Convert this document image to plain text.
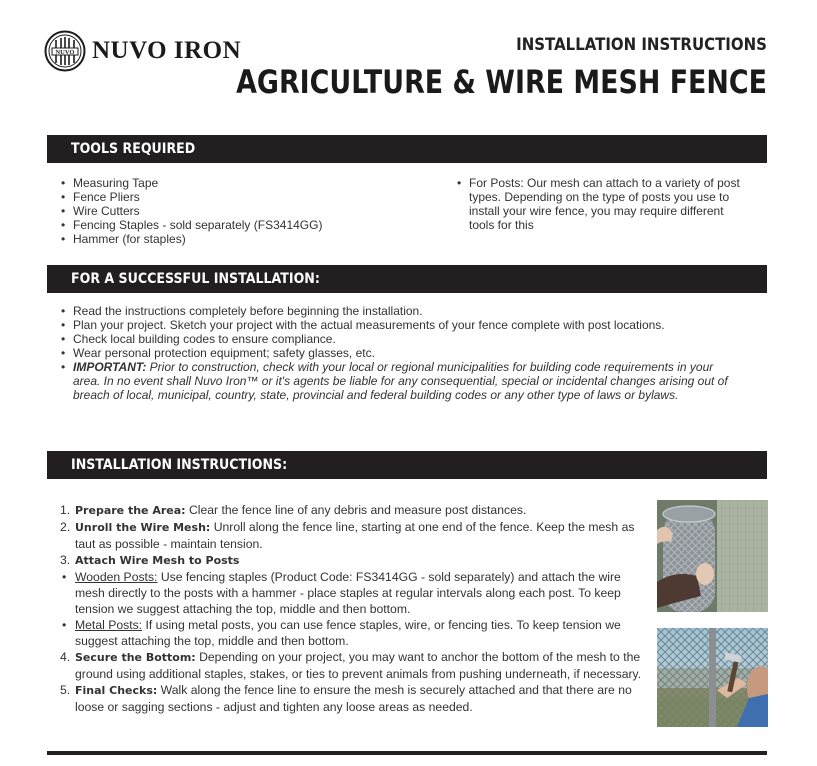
NUVO NUVO IRON	INSTALLATION INSTRUCTIONS
AGRICULTURE & WIRE MESH FENCE
TOOLS REQUIRED
• Measuring Tape
• Fence Pliers
• Wire Cutters
• Fencing Staples - sold separately (FS3414GG)
• Hammer (for staples)
• For Posts: Our mesh can attach to a variety of post types. Depending on the type of posts you use to install your wire fence, you may require different tools for this
FOR A SUCCESSFUL INSTALLATION:
• Read the instructions completely before beginning the installation.
• Plan your project. Sketch your project with the actual measurements of your fence complete with post locations.
• Check local building codes to ensure compliance.
• Wear personal protection equipment; safety glasses, etc.
• IMPORTANT: Prior to construction, check with your local or regional municipalities for building code requirements in your area. In no event shall Nuvo Iron™ or it's agents be liable for any consequential, special or incidental changes arising out of breach of local, municipal, country, state, provincial and federal building codes or any other type of laws or bylaws.
INSTALLATION INSTRUCTIONS:
1. Prepare the Area: Clear the fence line of any debris and measure post distances.
2. Unroll the Wire Mesh: Unroll along the fence line, starting at one end of the fence. Keep the mesh as taut as possible - maintain tension.
3. Attach Wire Mesh to Posts
• Wooden Posts: Use fencing staples (Product Code: FS3414GG - sold separately) and attach the wire mesh directly to the posts with a hammer - place staples at regular intervals along each post. To keep tension we suggest attaching the top, middle and then bottom.
• Metal Posts: If using metal posts, you can use fence staples, wire, or fencing ties. To keep tension we suggest attaching the top, middle and then bottom.
4. Secure the Bottom: Depending on your project, you may want to anchor the bottom of the mesh to the ground using additional staples, stakes, or ties to prevent animals from pushing underneath, if necessary.
5. Final Checks: Walk along the fence line to ensure the mesh is securely attached and that there are no loose or sagging sections - adjust and tighten any loose areas as needed.
